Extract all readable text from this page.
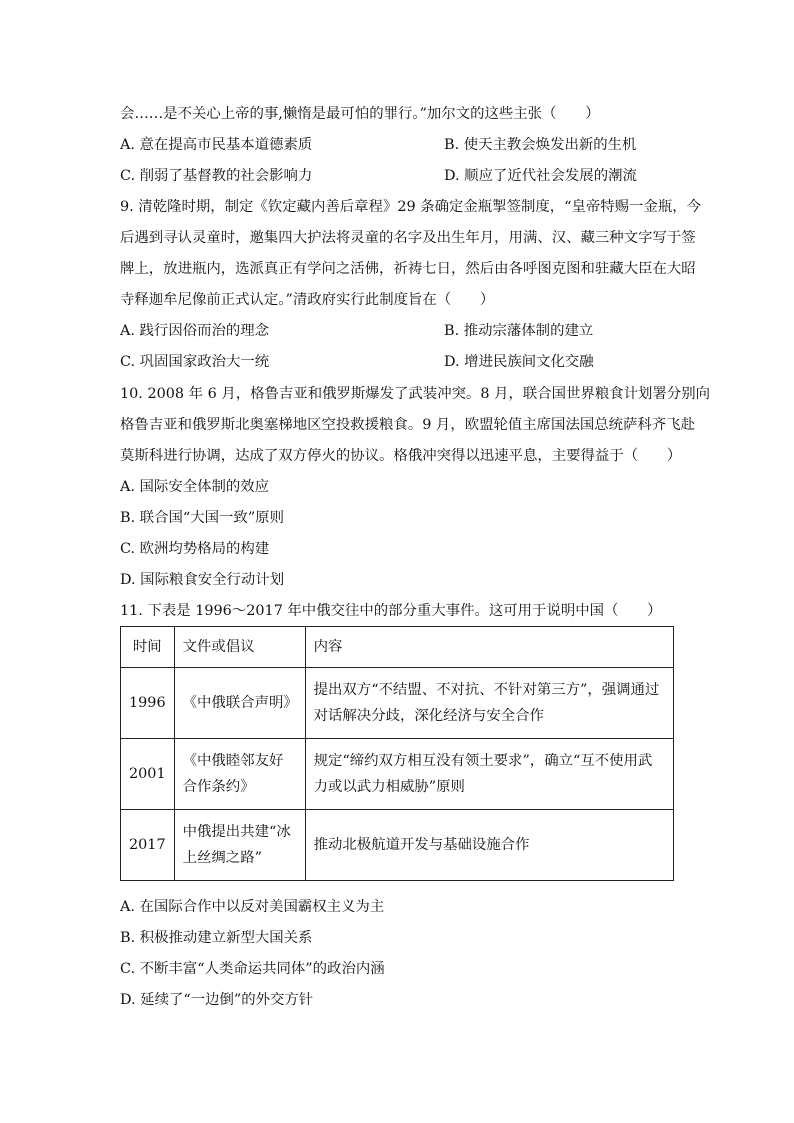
会……是不关心上帝的事,懒惰是最可怕的罪行。”加尔文的这些主张（　　）
A. 意在提高市民基本道德素质	B. 使天主教会焕发出新的生机
C. 削弱了基督教的社会影响力	D. 顺应了近代社会发展的潮流
9. 清乾隆时期，制定《钦定藏内善后章程》29 条确定金瓶掣签制度，“皇帝特赐一金瓶，今
后遇到寻认灵童时，邀集四大护法将灵童的名字及出生年月，用满、汉、藏三种文字写于签
牌上，放进瓶内，选派真正有学问之活佛，祈祷七日，然后由各呼图克图和驻藏大臣在大昭
寺释迦牟尼像前正式认定。”清政府实行此制度旨在（　　）
A. 践行因俗而治的理念	B. 推动宗藩体制的建立
C. 巩固国家政治大一统	D. 增进民族间文化交融
10. 2008 年 6 月，格鲁吉亚和俄罗斯爆发了武装冲突。8 月，联合国世界粮食计划署分别向
格鲁吉亚和俄罗斯北奥塞梯地区空投救援粮食。9 月，欧盟轮值主席国法国总统萨科齐飞赴
莫斯科进行协调，达成了双方停火的协议。格俄冲突得以迅速平息，主要得益于（　　）
A. 国际安全体制的效应
B. 联合国“大国一致”原则
C. 欧洲均势格局的构建
D. 国际粮食安全行动计划
11. 下表是 1996～2017 年中俄交往中的部分重大事件。这可用于说明中国（　　）
时间	文件或倡议	内容
1996	《中俄联合声明》	提出双方“不结盟、不对抗、不针对第三方”，强调通过对话解决分歧，深化经济与安全合作
2001	《中俄睦邻友好合作条约》	规定“缔约双方相互没有领土要求”，确立“互不使用武力或以武力相威胁”原则
2017	中俄提出共建“冰上丝绸之路”	推动北极航道开发与基础设施合作
A. 在国际合作中以反对美国霸权主义为主
B. 积极推动建立新型大国关系
C. 不断丰富“人类命运共同体”的政治内涵
D. 延续了“一边倒”的外交方针
